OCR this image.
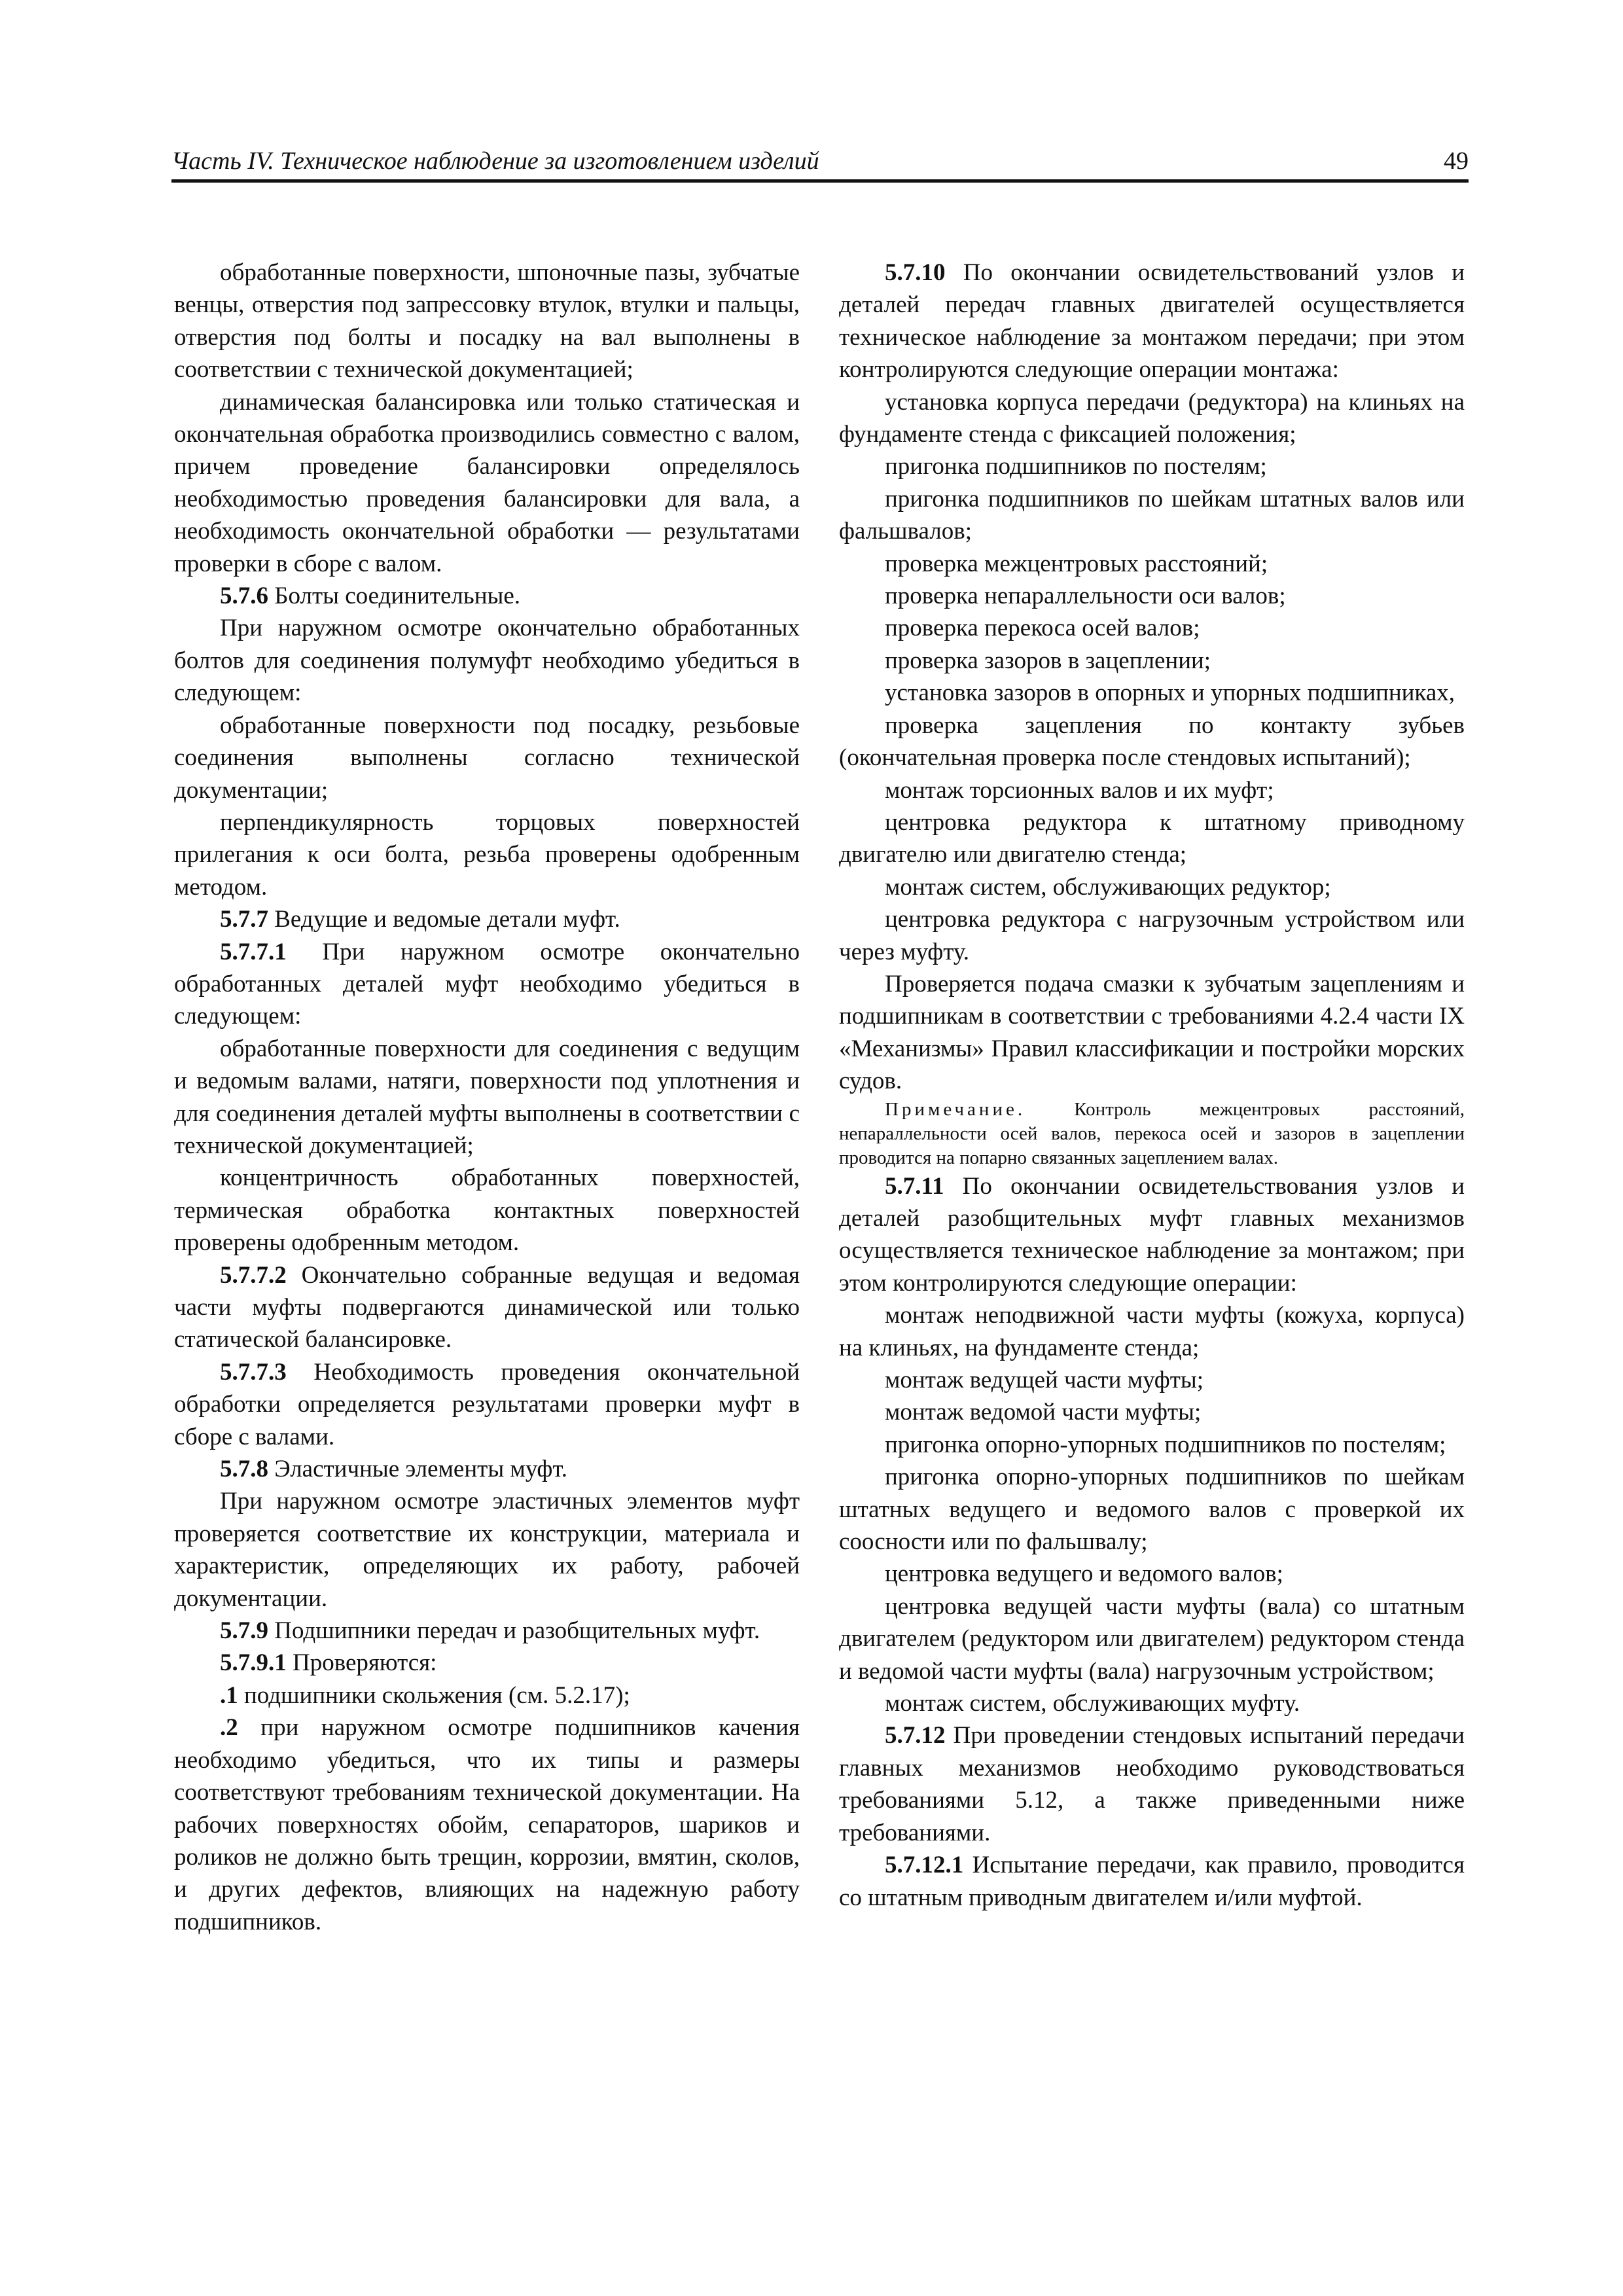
Часть IV. Техническое наблюдение за изготовлением изделий	49

обработанные поверхности, шпоночные пазы, зубчатые венцы, отверстия под запрессовку втулок, втулки и пальцы, отверстия под болты и посадку на вал выполнены в соответствии с технической документацией;

динамическая балансировка или только статическая и окончательная обработка производились совместно с валом, причем проведение балансировки определялось необходимостью проведения балансировки для вала, а необходимость окончательной обработки — результатами проверки в сборе с валом.

5.7.6 Болты соединительные.

При наружном осмотре окончательно обработанных болтов для соединения полумуфт необходимо убедиться в следующем:

обработанные поверхности под посадку, резьбовые соединения выполнены согласно технической документации;

перпендикулярность торцовых поверхностей прилегания к оси болта, резьба проверены одобренным методом.

5.7.7 Ведущие и ведомые детали муфт.

5.7.7.1 При наружном осмотре окончательно обработанных деталей муфт необходимо убедиться в следующем:

обработанные поверхности для соединения с ведущим и ведомым валами, натяги, поверхности под уплотнения и для соединения деталей муфты выполнены в соответствии с технической документацией;

концентричность обработанных поверхностей, термическая обработка контактных поверхностей проверены одобренным методом.

5.7.7.2 Окончательно собранные ведущая и ведомая части муфты подвергаются динамической или только статической балансировке.

5.7.7.3 Необходимость проведения окончательной обработки определяется результатами проверки муфт в сборе с валами.

5.7.8 Эластичные элементы муфт.

При наружном осмотре эластичных элементов муфт проверяется соответствие их конструкции, материала и характеристик, определяющих их работу, рабочей документации.

5.7.9 Подшипники передач и разобщительных муфт.

5.7.9.1 Проверяются:

.1 подшипники скольжения (см. 5.2.17);

.2 при наружном осмотре подшипников качения необходимо убедиться, что их типы и размеры соответствуют требованиям технической документации. На рабочих поверхностях обойм, сепараторов, шариков и роликов не должно быть трещин, коррозии, вмятин, сколов, и других дефектов, влияющих на надежную работу подшипников.

5.7.10 По окончании освидетельствований узлов и деталей передач главных двигателей осуществляется техническое наблюдение за монтажом передачи; при этом контролируются следующие операции монтажа:

установка корпуса передачи (редуктора) на клиньях на фундаменте стенда с фиксацией положения;

пригонка подшипников по постелям;

пригонка подшипников по шейкам штатных валов или фальшвалов;

проверка межцентровых расстояний;

проверка непараллельности оси валов;

проверка перекоса осей валов;

проверка зазоров в зацеплении;

установка зазоров в опорных и упорных подшипниках,

проверка зацепления по контакту зубьев (окончательная проверка после стендовых испытаний);

монтаж торсионных валов и их муфт;

центровка редуктора к штатному приводному двигателю или двигателю стенда;

монтаж систем, обслуживающих редуктор;

центровка редуктора с нагрузочным устройством или через муфту.

Проверяется подача смазки к зубчатым зацеплениям и подшипникам в соответствии с требованиями 4.2.4 части IX «Механизмы» Правил классификации и постройки морских судов.

Примечание.	Контроль межцентровых расстояний, непараллельности осей валов, перекоса осей и зазоров в зацеплении проводится на попарно связанных зацеплением валах.

5.7.11 По окончании освидетельствования узлов и деталей разобщительных муфт главных механизмов осуществляется техническое наблюдение за монтажом; при этом контролируются следующие операции:

монтаж неподвижной части муфты (кожуха, корпуса) на клиньях, на фундаменте стенда;

монтаж ведущей части муфты;

монтаж ведомой части муфты;

пригонка опорно-упорных подшипников по постелям;

пригонка опорно-упорных подшипников по шейкам штатных ведущего и ведомого валов с проверкой их соосности или по фальшвалу;

центровка ведущего и ведомого валов;

центровка ведущей части муфты (вала) со штатным двигателем (редуктором или двигателем) редуктором стенда и ведомой части муфты (вала) нагрузочным устройством;

монтаж систем, обслуживающих муфту.

5.7.12 При проведении стендовых испытаний передачи главных механизмов необходимо руководствоваться требованиями 5.12, а также приведенными ниже требованиями.

5.7.12.1 Испытание передачи, как правило, проводится со штатным приводным двигателем и/или муфтой.
